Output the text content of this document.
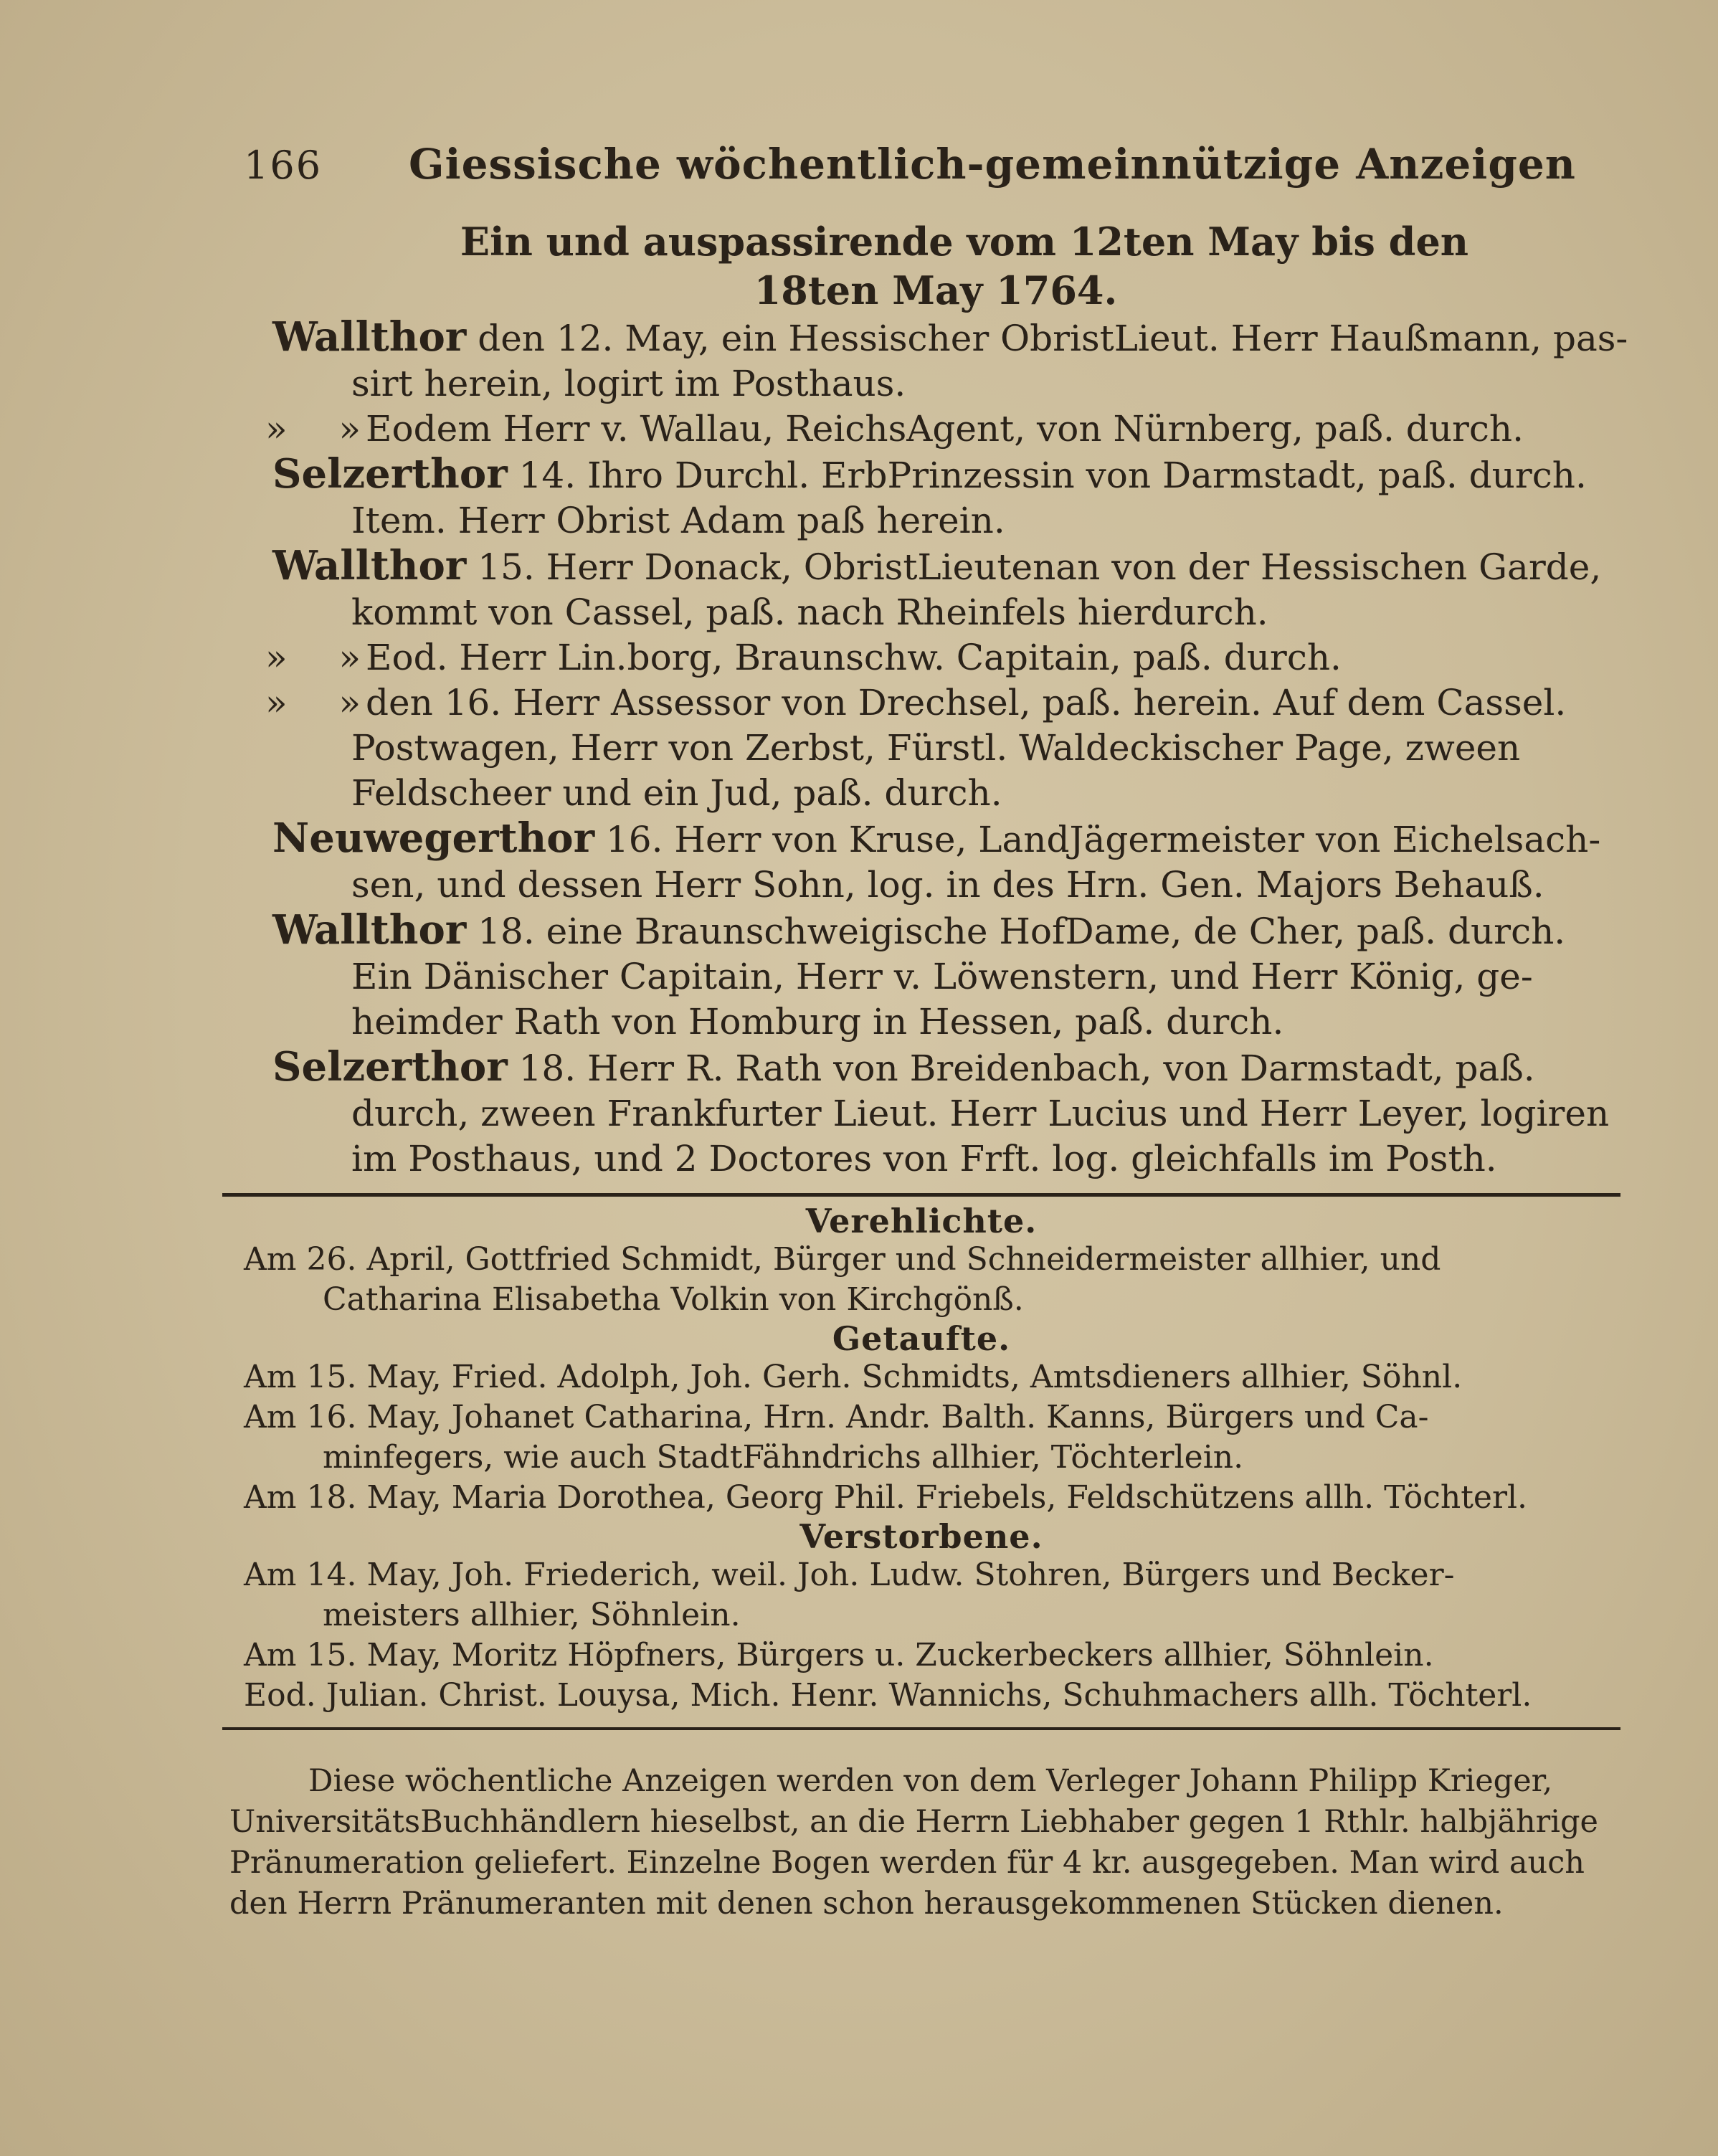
166	Giessische wöchentlich-gemeinnützige Anzeigen
Ein und auspassirende vom 12ten May bis den
18ten May 1764.
Wallthor den 12. May, ein Hessischer ObristLieut. Herr Haußmann, pas-
sirt herein, logirt im Posthaus.
» »Eodem Herr v. Wallau, ReichsAgent, von Nürnberg, paß. durch.
Selzerthor 14. Ihro Durchl. ErbPrinzessin von Darmstadt, paß. durch.
Item. Herr Obrist Adam paß herein.
Wallthor 15. Herr Donack, ObristLieutenan von der Hessischen Garde,
kommt von Cassel, paß. nach Rheinfels hierdurch.
» »Eod. Herr Lin.borg, Braunschw. Capitain, paß. durch.
» »den 16. Herr Assessor von Drechsel, paß. herein. Auf dem Cassel.
Postwagen, Herr von Zerbst, Fürstl. Waldeckischer Page, zween
Feldscheer und ein Jud, paß. durch.
Neuwegerthor 16. Herr von Kruse, LandJägermeister von Eichelsach-
sen, und dessen Herr Sohn, log. in des Hrn. Gen. Majors Behauß.
Wallthor 18. eine Braunschweigische HofDame, de Cher, paß. durch.
Ein Dänischer Capitain, Herr v. Löwenstern, und Herr König, ge-
heimder Rath von Homburg in Hessen, paß. durch.
Selzerthor 18. Herr R. Rath von Breidenbach, von Darmstadt, paß.
durch, zween Frankfurter Lieut. Herr Lucius und Herr Leyer, logiren
im Posthaus, und 2 Doctores von Frft. log. gleichfalls im Posth.
Verehlichte.
Am 26. April, Gottfried Schmidt, Bürger und Schneidermeister allhier, und
Catharina Elisabetha Volkin von Kirchgönß.
Getaufte.
Am 15. May, Fried. Adolph, Joh. Gerh. Schmidts, Amtsdieners allhier, Söhnl.
Am 16. May, Johanet Catharina, Hrn. Andr. Balth. Kanns, Bürgers und Ca-
minfegers, wie auch StadtFähndrichs allhier, Töchterlein.
Am 18. May, Maria Dorothea, Georg Phil. Friebels, Feldschützens allh. Töchterl.
Verstorbene.
Am 14. May, Joh. Friederich, weil. Joh. Ludw. Stohren, Bürgers und Becker-
meisters allhier, Söhnlein.
Am 15. May, Moritz Höpfners, Bürgers u. Zuckerbeckers allhier, Söhnlein.
Eod. Julian. Christ. Louysa, Mich. Henr. Wannichs, Schuhmachers allh. Töchterl.

Diese wöchentliche Anzeigen werden von dem Verleger Johann Philipp Krieger, UniversitätsBuchhändlern hieselbst, an die Herrn Liebhaber gegen 1 Rthlr. halbjährige Pränumeration geliefert. Einzelne Bogen werden für 4 kr. ausgegeben. Man wird auch den Herrn Pränumeranten mit denen schon herausgekommenen Stücken dienen.
